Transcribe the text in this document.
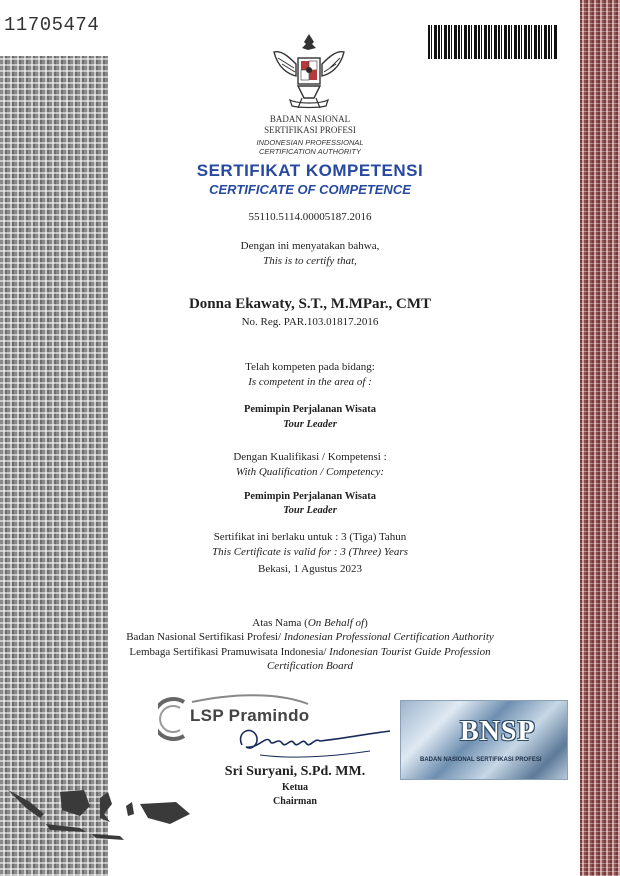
11705474
BADAN NASIONAL
SERTIFIKASI PROFESI
INDONESIAN PROFESSIONAL
CERTIFICATION AUTHORITY
SERTIFIKAT KOMPETENSI
CERTIFICATE OF COMPETENCE
55110.5114.00005187.2016
Dengan ini menyatakan bahwa,
This is to certify that,
Donna Ekawaty, S.T., M.MPar., CMT
No. Reg. PAR.103.01817.2016
Telah kompeten pada bidang:
Is competent in the area of :
Pemimpin Perjalanan Wisata
Tour Leader
Dengan Kualifikasi / Kompetensi :
With Qualification / Competency:
Pemimpin Perjalanan Wisata
Tour Leader
Sertifikat ini berlaku untuk : 3 (Tiga) Tahun
This Certificate is valid for : 3 (Three) Years
Bekasi, 1 Agustus 2023
Atas Nama (On Behalf of)
Badan Nasional Sertifikasi Profesi/ Indonesian Professional Certification Authority
Lembaga Sertifikasi Pramuwisata Indonesia/ Indonesian Tourist Guide Profession
Certification Board
LSP Pramindo
BNSP
BADAN NASIONAL SERTIFIKASI PROFESI
Sri Suryani, S.Pd. MM.
Ketua
Chairman
